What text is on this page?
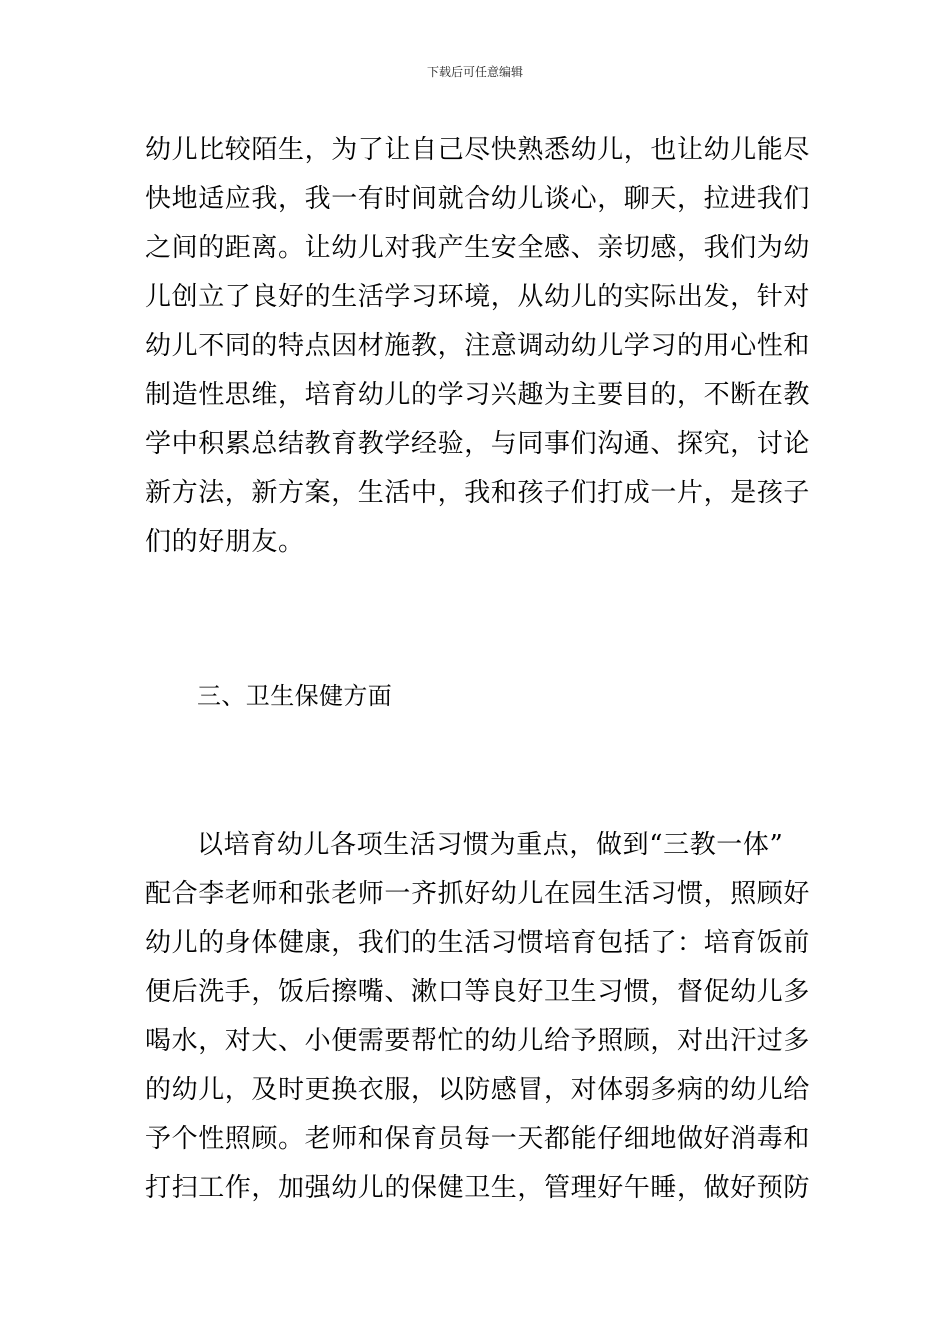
下载后可任意编辑
幼儿比较陌生，为了让自己尽快熟悉幼儿，也让幼儿能尽
快地适应我，我一有时间就合幼儿谈心，聊天，拉进我们
之间的距离。让幼儿对我产生安全感、亲切感，我们为幼
儿创立了良好的生活学习环境，从幼儿的实际出发，针对
幼儿不同的特点因材施教，注意调动幼儿学习的用心性和
制造性思维，培育幼儿的学习兴趣为主要目的，不断在教
学中积累总结教育教学经验，与同事们沟通、探究，讨论
新方法，新方案，生活中，我和孩子们打成一片，是孩子
们的好朋友。
三、卫生保健方面
以培育幼儿各项生活习惯为重点，做到“三教一体”
配合李老师和张老师一齐抓好幼儿在园生活习惯，照顾好
幼儿的身体健康，我们的生活习惯培育包括了：培育饭前
便后洗手，饭后擦嘴、漱口等良好卫生习惯，督促幼儿多
喝水，对大、小便需要帮忙的幼儿给予照顾，对出汗过多
的幼儿，及时更换衣服，以防感冒，对体弱多病的幼儿给
予个性照顾。老师和保育员每一天都能仔细地做好消毒和
打扫工作，加强幼儿的保健卫生，管理好午睡，做好预防
